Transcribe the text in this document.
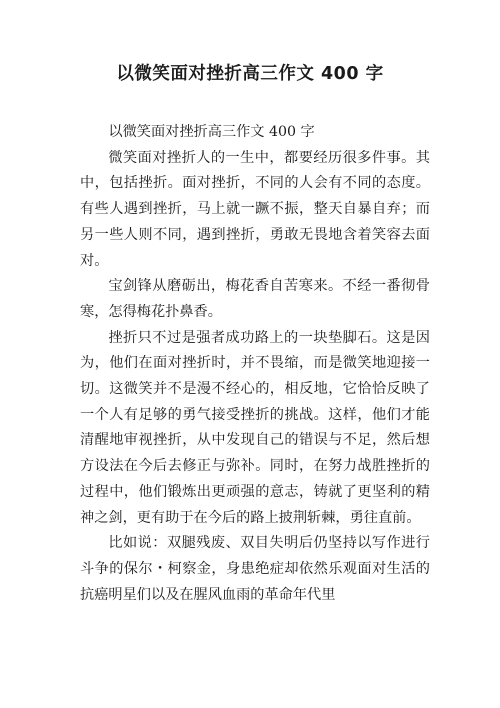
以微笑面对挫折高三作文 400 字

以微笑面对挫折高三作文 400 字

微笑面对挫折人的一生中，都要经历很多件事。其中，包括挫折。面对挫折，不同的人会有不同的态度。有些人遇到挫折，马上就一蹶不振，整天自暴自弃；而另一些人则不同，遇到挫折，勇敢无畏地含着笑容去面对。

宝剑锋从磨砺出，梅花香自苦寒来。不经一番彻骨寒，怎得梅花扑鼻香。

挫折只不过是强者成功路上的一块垫脚石。这是因为，他们在面对挫折时，并不畏缩，而是微笑地迎接一切。这微笑并不是漫不经心的，相反地，它恰恰反映了一个人有足够的勇气接受挫折的挑战。这样，他们才能清醒地审视挫折，从中发现自己的错误与不足，然后想方设法在今后去修正与弥补。同时，在努力战胜挫折的过程中，他们锻炼出更顽强的意志，铸就了更坚利的精神之剑，更有助于在今后的路上披荆斩棘，勇往直前。

比如说：双腿残废、双目失明后仍坚持以写作进行斗争的保尔・柯察金，身患绝症却依然乐观面对生活的抗癌明星们以及在腥风血雨的革命年代里
